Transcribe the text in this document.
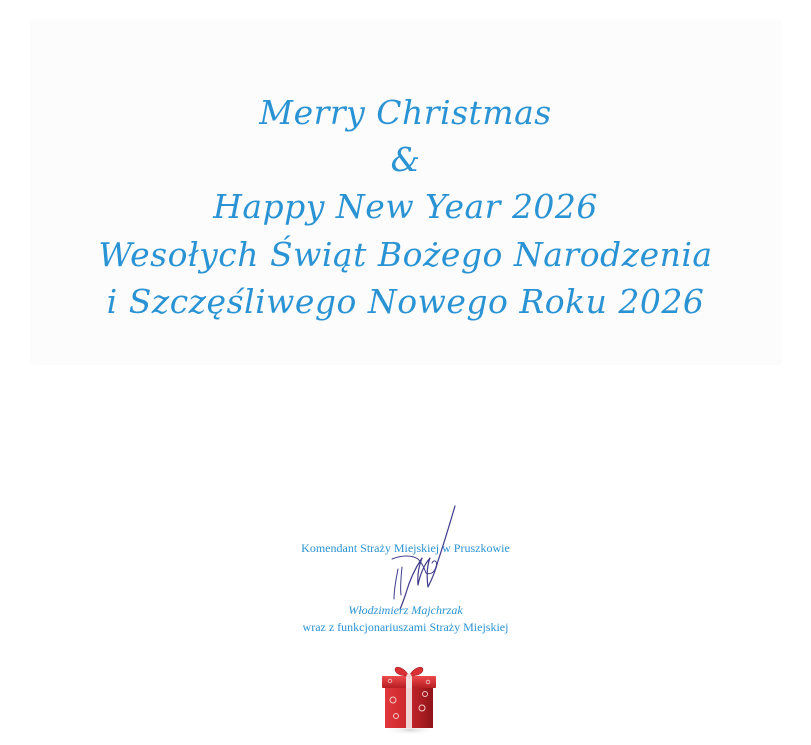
Merry Christmas
&
Happy New Year 2026
Wesołych Świąt Bożego Narodzenia
i Szczęśliwego Nowego Roku 2026
Komendant Straży Miejskiej w Pruszkowie
Włodzimierz Majchrzak
wraz z funkcjonariuszami Straży Miejskiej
